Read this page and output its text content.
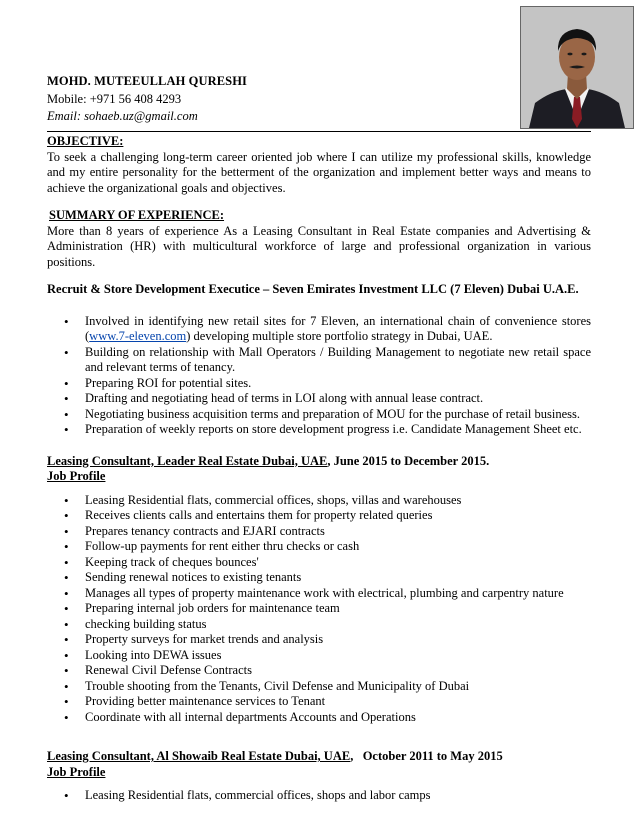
MOHD. MUTEEULLAH QURESHI

Mobile: +971 56 408 4293

Email: sohaeb.uz@gmail.com

OBJECTIVE:

To seek a challenging long-term career oriented job where I can utilize my professional skills, knowledge and my entire personality for the betterment of the organization and implement better ways and means to achieve the organizational goals and objectives.

SUMMARY OF EXPERIENCE:

More than 8 years of experience As a Leasing Consultant in Real Estate companies and Advertising & Administration (HR) with multicultural workforce of large and professional organization in various positions.

Recruit & Store Development Executice – Seven Emirates Investment LLC (7 Eleven) Dubai U.A.E.

• Involved in identifying new retail sites for 7 Eleven, an international chain of convenience stores (www.7-eleven.com) developing multiple store portfolio strategy in Dubai, UAE.
• Building on relationship with Mall Operators / Building Management to negotiate new retail space and relevant terms of tenancy.
• Preparing ROI for potential sites.
• Drafting and negotiating head of terms in LOI along with annual lease contract.
• Negotiating business acquisition terms and preparation of MOU for the purchase of retail business.
• Preparation of weekly reports on store development progress i.e. Candidate Management Sheet etc.

Leasing Consultant, Leader Real Estate Dubai, UAE, June 2015 to December 2015.

Job Profile

• Leasing Residential flats, commercial offices, shops, villas and warehouses
• Receives clients calls and entertains them for property related queries
• Prepares tenancy contracts and EJARI contracts
• Follow-up payments for rent either thru checks or cash
• Keeping track of cheques bounces'
• Sending renewal notices to existing tenants
• Manages all types of property maintenance work with electrical, plumbing and carpentry nature
• Preparing internal job orders for maintenance team
• checking building status
• Property surveys for market trends and analysis
• Looking into DEWA issues
• Renewal Civil Defense Contracts
• Trouble shooting from the Tenants, Civil Defense and Municipality of Dubai
• Providing better maintenance services to Tenant
• Coordinate with all internal departments Accounts and Operations

Leasing Consultant, Al Showaib Real Estate Dubai, UAE,   October 2011 to May 2015

Job Profile

• Leasing Residential flats, commercial offices, shops and labor camps
